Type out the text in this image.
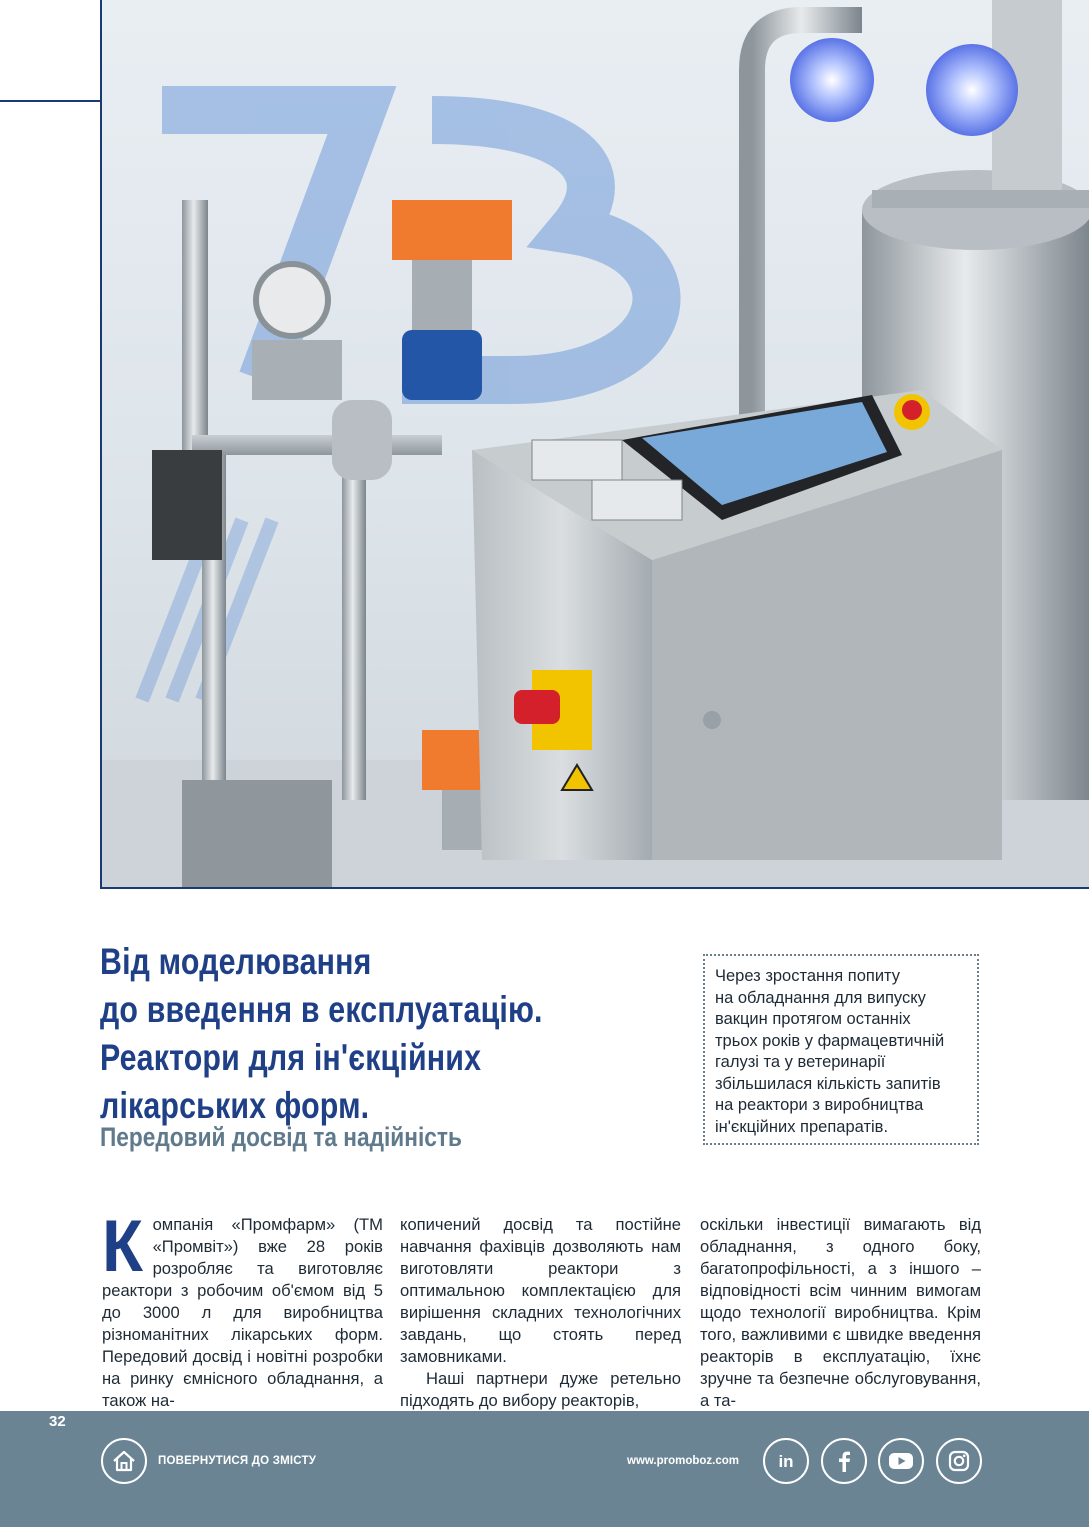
Від моделювання
до введення в експлуатацію.
Реактори для ін'єкційних
лікарських форм.
Передовий досвід та надійність
Через зростання попиту
на обладнання для випуску
вакцин протягом останніх
трьох років у фармацевтичній
галузі та у ветеринарії
збільшилася кількість запитів
на реактори з виробництва
ін'єкційних препаратів.
Компанія «Промфарм» (ТМ «Промвіт») вже 28 років розробляє та виготовляє реактори з робочим об'ємом від 5 до 3000 л для виробництва різноманітних лікарських форм. Передовий досвід і новітні розробки на ринку ємнісного обладнання, а також на-
копичений досвід та постійне навчання фахівців дозволяють нам виготовляти реактори з оптимальною комплектацією для вирішення складних технологічних завдань, що стоять перед замовниками.
Наші партнери дуже ретельно підходять до вибору реакторів,
оскільки інвестиції вимагають від обладнання, з одного боку, багатопрофільності, а з іншого – відповідності всім чинним вимогам щодо технології виробництва. Крім того, важливими є швидке введення реакторів в експлуатацію, їхнє зручне та безпечне обслуговування, а та-
32
ПОВЕРНУТИСЯ ДО ЗМІСТУ	www.promoboz.com in
